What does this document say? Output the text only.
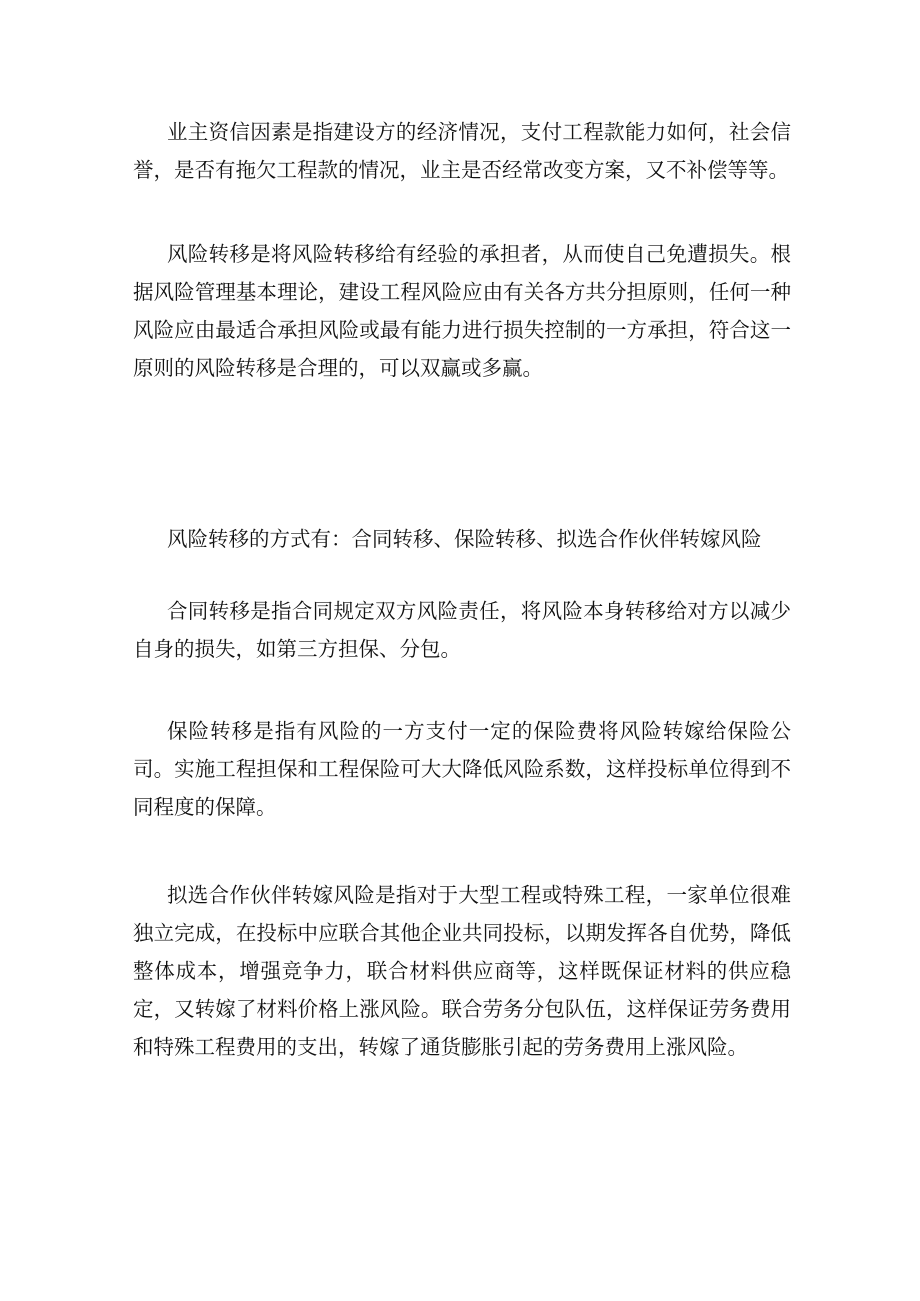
业主资信因素是指建设方的经济情况，支付工程款能力如何，社会信誉，是否有拖欠工程款的情况，业主是否经常改变方案，又不补偿等等。

风险转移是将风险转移给有经验的承担者，从而使自己免遭损失。根据风险管理基本理论，建设工程风险应由有关各方共分担原则，任何一种风险应由最适合承担风险或最有能力进行损失控制的一方承担，符合这一原则的风险转移是合理的，可以双赢或多赢。

风险转移的方式有：合同转移、保险转移、拟选合作伙伴转嫁风险

合同转移是指合同规定双方风险责任，将风险本身转移给对方以减少自身的损失，如第三方担保、分包。

保险转移是指有风险的一方支付一定的保险费将风险转嫁给保险公司。实施工程担保和工程保险可大大降低风险系数，这样投标单位得到不同程度的保障。

拟选合作伙伴转嫁风险是指对于大型工程或特殊工程，一家单位很难独立完成，在投标中应联合其他企业共同投标，以期发挥各自优势，降低整体成本，增强竞争力，联合材料供应商等，这样既保证材料的供应稳定，又转嫁了材料价格上涨风险。联合劳务分包队伍，这样保证劳务费用和特殊工程费用的支出，转嫁了通货膨胀引起的劳务费用上涨风险。
